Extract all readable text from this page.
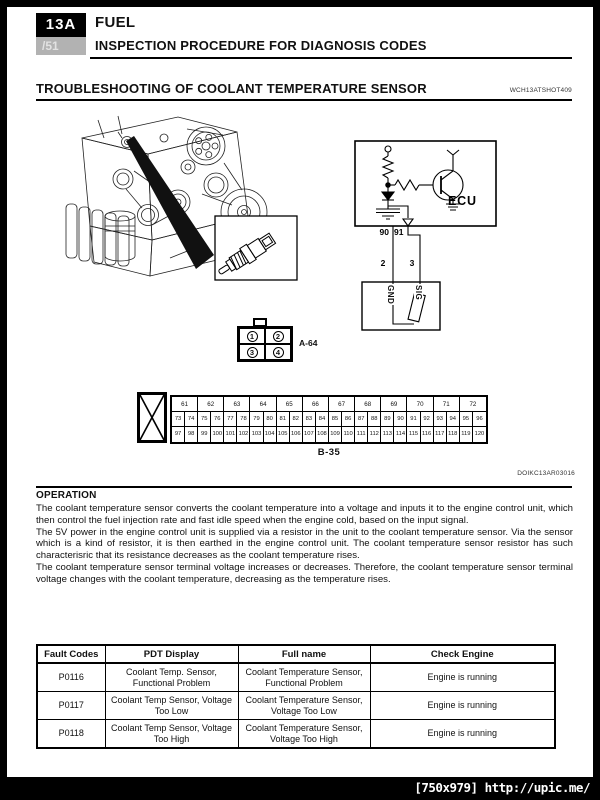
13A
/51
FUEL
INSPECTION PROCEDURE FOR DIAGNOSIS CODES
TROUBLESHOOTING OF COOLANT TEMPERATURE SENSOR	WCH13ATSHOT409
ECU
90 91
2	3
GND SIG
1	2
3	4
A-64
61	62	63	64	65	66	67	68	69	70	71	72
73	74	75	76	77	78	79	80	81	82	83	84	85	86	87	88	89	90	91	92	93	94	95	96
97	98	99 100 101 102 103 104 105 106 107 108 109 110 111 112 113 114 115 116 117 118 119 120
B-35
DOIKC13AR03016
OPERATION

The coolant temperature sensor converts the coolant temperature into a voltage and inputs it to the engine control unit, which then control the fuel injection rate and fast idle speed when the engine cold, based on the input signal.

The 5V power in the engine control unit is supplied via a resistor in the unit to the coolant temperature sensor. Via the sensor which is a kind of resistor, it is then earthed in the engine control unit. The coolant temperature sensor resistor has such characterisric that its resistance decreases as the coolant temperature rises.

The coolant temperature sensor terminal voltage increases or decreases. Therefore, the coolant temperature sensor terminal voltage changes with the coolant temperature, decreasing as the temperature rises.

Fault Codes	PDT Display	Full name	Check Engine
P0116	Coolant Temp. Sensor, Functional Problem	Coolant Temperature Sensor, Functional Problem	Engine is running
P0117	Coolant Temp Sensor, Voltage Too Low	Coolant Temperature Sensor, Voltage Too Low	Engine is running
P0118	Coolant Temp Sensor, Voltage Too High	Coolant Temperature Sensor, Voltage Too High	Engine is running
[750x979] http://upic.me/
